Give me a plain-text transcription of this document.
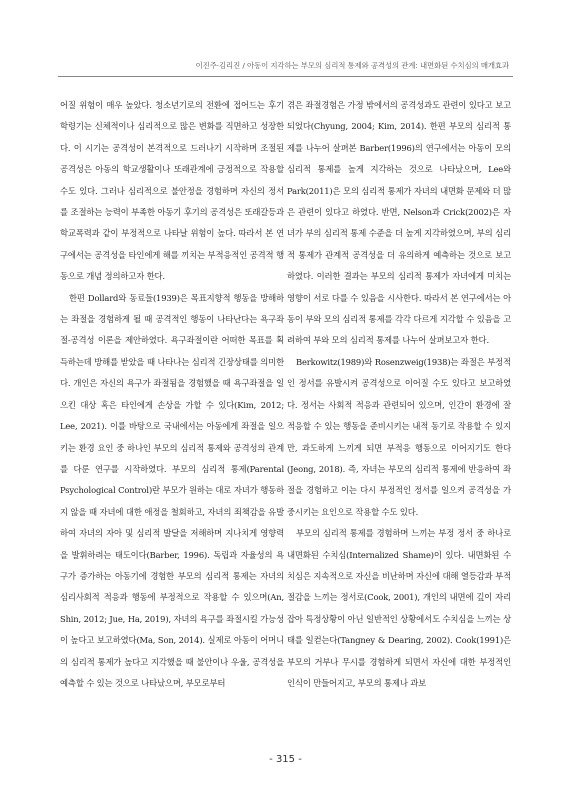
이진주·김리진 / 아동이 지각하는 부모의 심리적 통제와 공격성의 관계: 내면화된 수치심의 매개효과

어질 위험이 매우 높았다. 청소년기로의 전환에 접어드는 후기 학령기는 신체적이나 심리적으로 많은 변화를 직면하고 성장한다. 이 시기는 공격성이 본격적으로 드러나기 시작하며 조절된 공격성은 아동의 학교생활이나 또래관계에 긍정적으로 작용할 수도 있다. 그러나 심리적으로 불안정을 경험하며 자신의 정서를 조절하는 능력이 부족한 아동기 후기의 공격성은 또래갈등과 학교폭력과 같이 부정적으로 나타날 위험이 높다. 따라서 본 연구에서는 공격성을 타인에게 해를 끼치는 부적응적인 공격적 행동으로 개념 정의하고자 한다.

한편 Dollard와 동료들(1939)은 목표지향적 행동을 방해하는 좌절을 경험하게 될 때 공격적인 행동이 나타난다는 욕구좌절-공격성 이론을 제안하였다. 욕구좌절이란 어떠한 목표를 획득하는데 방해를 받았을 때 나타나는 심리적 긴장상태를 의미한다. 개인은 자신의 욕구가 좌절됨을 경험했을 때 욕구좌절을 일으킨 대상 혹은 타인에게 손상을 가할 수 있다(Kim, 2012; Lee, 2021). 이를 바탕으로 국내에서는 아동에게 좌절을 일으키는 환경 요인 중 하나인 부모의 심리적 통제와 공격성의 관계를 다룬 연구를 시작하였다. 부모의 심리적 통제(Parental Psychological Control)란 부모가 원하는 대로 자녀가 행동하지 않을 때 자녀에 대한 애정을 철회하고, 자녀의 죄책감을 유발하여 자녀의 자아 및 심리적 발달을 저해하며 지나치게 영향력을 발휘하려는 태도이다(Barber, 1996). 독립과 자율성의 욕구가 증가하는 아동기에 경험한 부모의 심리적 통제는 자녀의 심리사회적 적응과 행동에 부정적으로 작용할 수 있으며(An, Shin, 2012; Jue, Ha, 2019), 자녀의 욕구를 좌절시킬 가능성이 높다고 보고하였다(Ma, Son, 2014). 실제로 아동이 어머니의 심리적 통제가 높다고 지각했을 때 불안이나 우울, 공격성을 예측할 수 있는 것으로 나타났으며, 부모로부터

겪은 좌절경험은 가정 밖에서의 공격성과도 관련이 있다고 보고되었다(Chyung, 2004; Kim, 2014). 한편 부모의 심리적 통제를 나누어 살펴본 Barber(1996)의 연구에서는 아동이 모의 심리적 통제를 높게 지각하는 것으로 나타났으며, Lee와 Park(2011)은 모의 심리적 통제가 자녀의 내면화 문제와 더 많은 관련이 있다고 하였다. 반면, Nelson과 Crick(2002)은 자녀가 부의 심리적 통제 수준을 더 높게 지각하였으며, 부의 심리적 통제가 관계적 공격성을 더 유의하게 예측하는 것으로 보고하였다. 이러한 결과는 부모의 심리적 통제가 자녀에게 미치는 영향이 서로 다를 수 있음을 시사한다. 따라서 본 연구에서는 아동이 부와 모의 심리적 통제를 각각 다르게 지각할 수 있음을 고려하여 부와 모의 심리적 통제를 나누어 살펴보고자 한다.

Berkowitz(1989)와 Rosenzweig(1938)는 좌절은 부정적인 정서를 유발시켜 공격성으로 이어질 수도 있다고 보고하였다. 정서는 사회적 적응과 관련되어 있으며, 인간이 환경에 잘 적응할 수 있는 행동을 준비시키는 내적 동기로 작용할 수 있지만, 과도하게 느끼게 되면 부적응 행동으로 이어지기도 한다(Jeong, 2018). 즉, 자녀는 부모의 심리적 통제에 반응하여 좌절을 경험하고 이는 다시 부정적인 정서를 일으켜 공격성을 가중시키는 요인으로 작용할 수도 있다.

부모의 심리적 통제를 경험하며 느끼는 부정 정서 중 하나로 내면화된 수치심(Internalized Shame)이 있다. 내면화된 수치심은 지속적으로 자신을 비난하며 자신에 대해 열등감과 부적절감을 느끼는 정서로(Cook, 2001), 개인의 내면에 깊이 자리 잡아 특정상황이 아닌 일반적인 상황에서도 수치심을 느끼는 상태를 일컫는다(Tangney & Dearing, 2002). Cook(1991)은 부모의 거부나 무시를 경험하게 되면서 자신에 대한 부정적인 인식이 만들어지고, 부모의 통제나 과보

- 315 -
